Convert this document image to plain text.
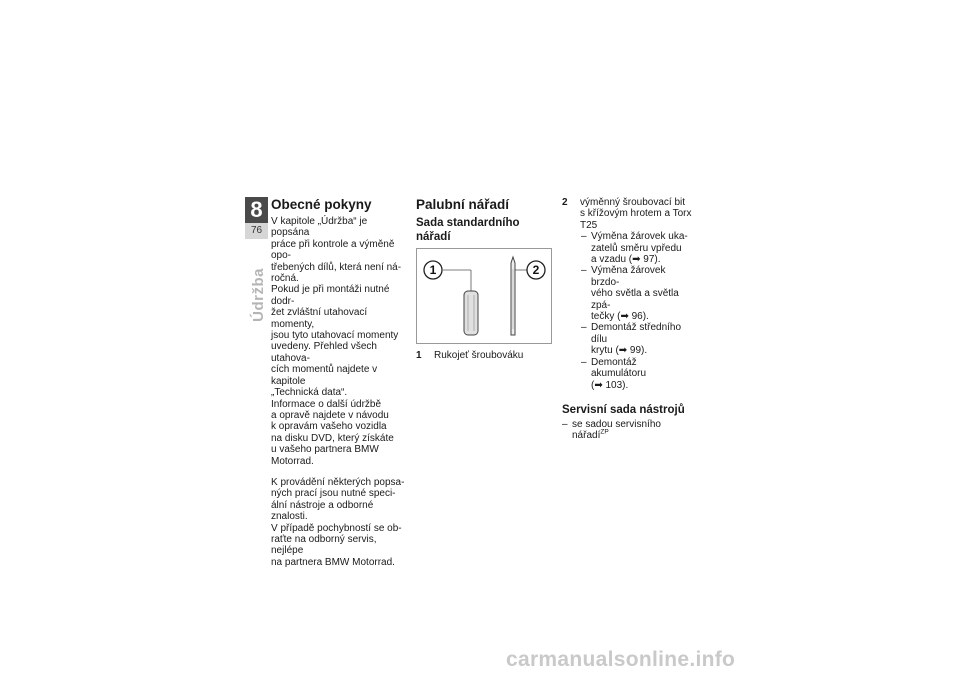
8
76
Údržba
Obecné pokyny

V kapitole „Údržba“ je popsána
práce při kontrole a výměně opo-
třebených dílů, která není ná-
ročná.
Pokud je při montáži nutné dodr-
žet zvláštní utahovací momenty,
jsou tyto utahovací momenty
uvedeny. Přehled všech utahova-
cích momentů najdete v kapitole
„Technická data“.
Informace o další údržbě
a opravě najdete v návodu
k opravám vašeho vozidla
na disku DVD, který získáte
u vašeho partnera BMW
Motorrad.

K provádění některých popsa-
ných prací jsou nutné speci-
ální nástroje a odborné znalosti.
V případě pochybností se ob-
raťte na odborný servis, nejlépe
na partnera BMW Motorrad.

Palubní nářadí
Sada standardního nářadí
1	2
1	Rukojeť šroubováku
2	výměnný šroubovací bit
s křížovým hrotem a Torx
T25

– Výměna žárovek uka-
zatelů směru vpředu
a vzadu (➡ 97).
– Výměna žárovek brzdo-
vého světla a světla zpá-
tečky (➡ 96).
– Demontáž středního dílu
krytu (➡ 99).
– Demontáž akumulátoru
(➡ 103).
Servisní sada nástrojů
– se sadou servisního nářadí$^{ZP}$
carmanualsonline.info
